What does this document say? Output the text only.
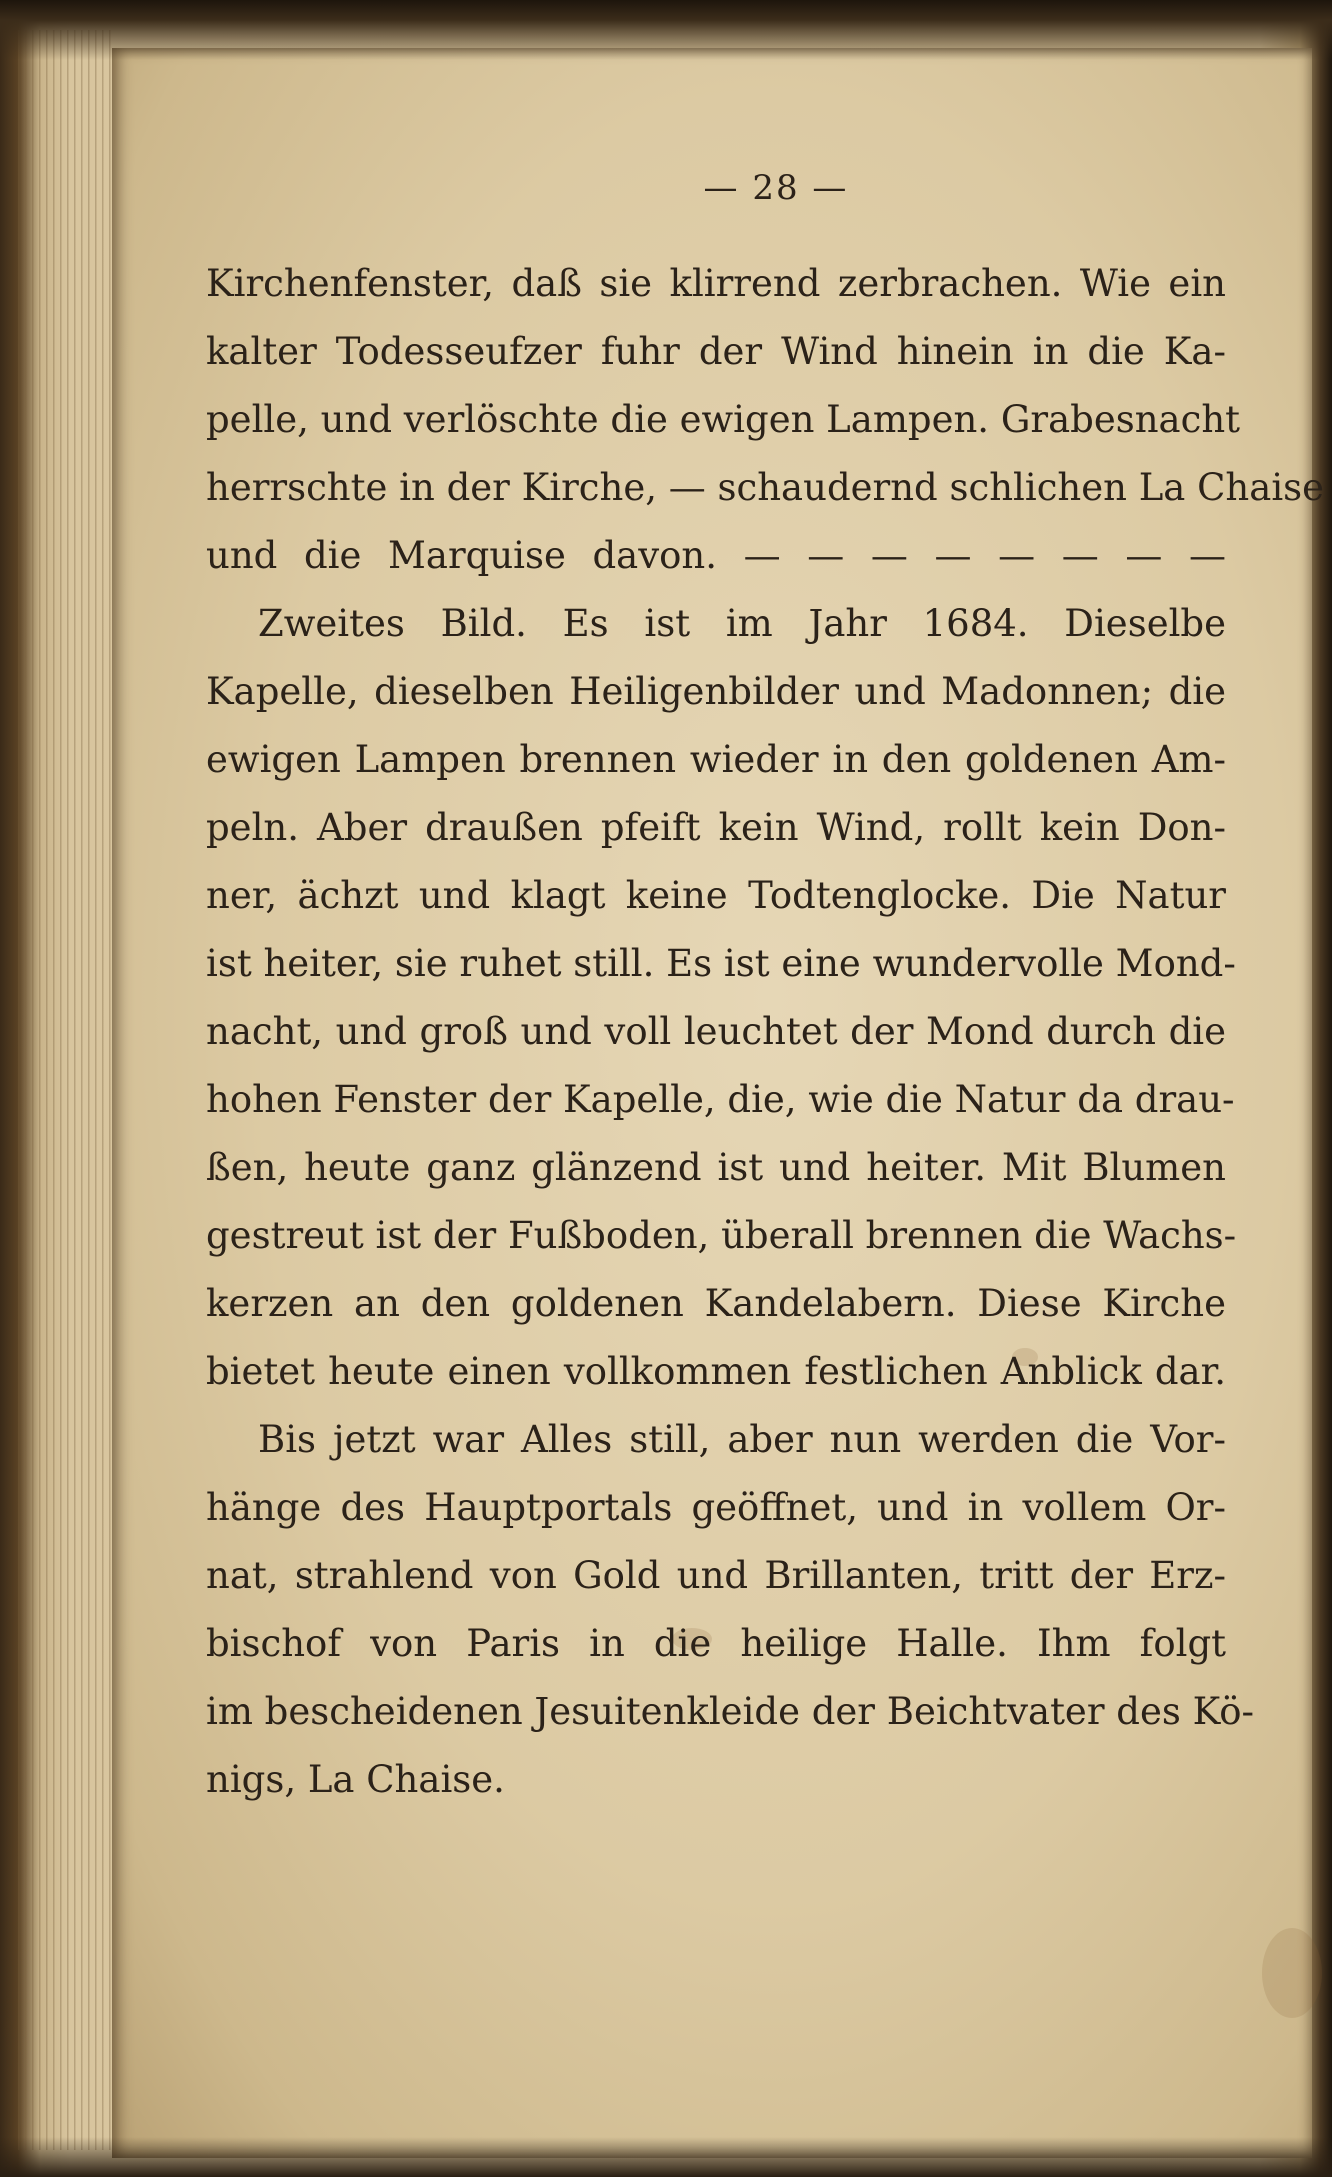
— 28 —
Kirchenfenster, daß sie klirrend zerbrachen. Wie ein
kalter Todesseufzer fuhr der Wind hinein in die Ka-
pelle, und verlöschte die ewigen Lampen. Grabesnacht
herrschte in der Kirche, — schaudernd schlichen La Chaise
und die Marquise davon. — — — — — — — —
Zweites Bild. Es ist im Jahr 1684. Dieselbe
Kapelle, dieselben Heiligenbilder und Madonnen; die
ewigen Lampen brennen wieder in den goldenen Am-
peln. Aber draußen pfeift kein Wind, rollt kein Don-
ner, ächzt und klagt keine Todtenglocke. Die Natur
ist heiter, sie ruhet still. Es ist eine wundervolle Mond-
nacht, und groß und voll leuchtet der Mond durch die
hohen Fenster der Kapelle, die, wie die Natur da drau-
ßen, heute ganz glänzend ist und heiter. Mit Blumen
gestreut ist der Fußboden, überall brennen die Wachs-
kerzen an den goldenen Kandelabern. Diese Kirche
bietet heute einen vollkommen festlichen Anblick dar.
Bis jetzt war Alles still, aber nun werden die Vor-
hänge des Hauptportals geöffnet, und in vollem Or-
nat, strahlend von Gold und Brillanten, tritt der Erz-
bischof von Paris in die heilige Halle. Ihm folgt
im bescheidenen Jesuitenkleide der Beichtvater des Kö-
nigs, La Chaise.
